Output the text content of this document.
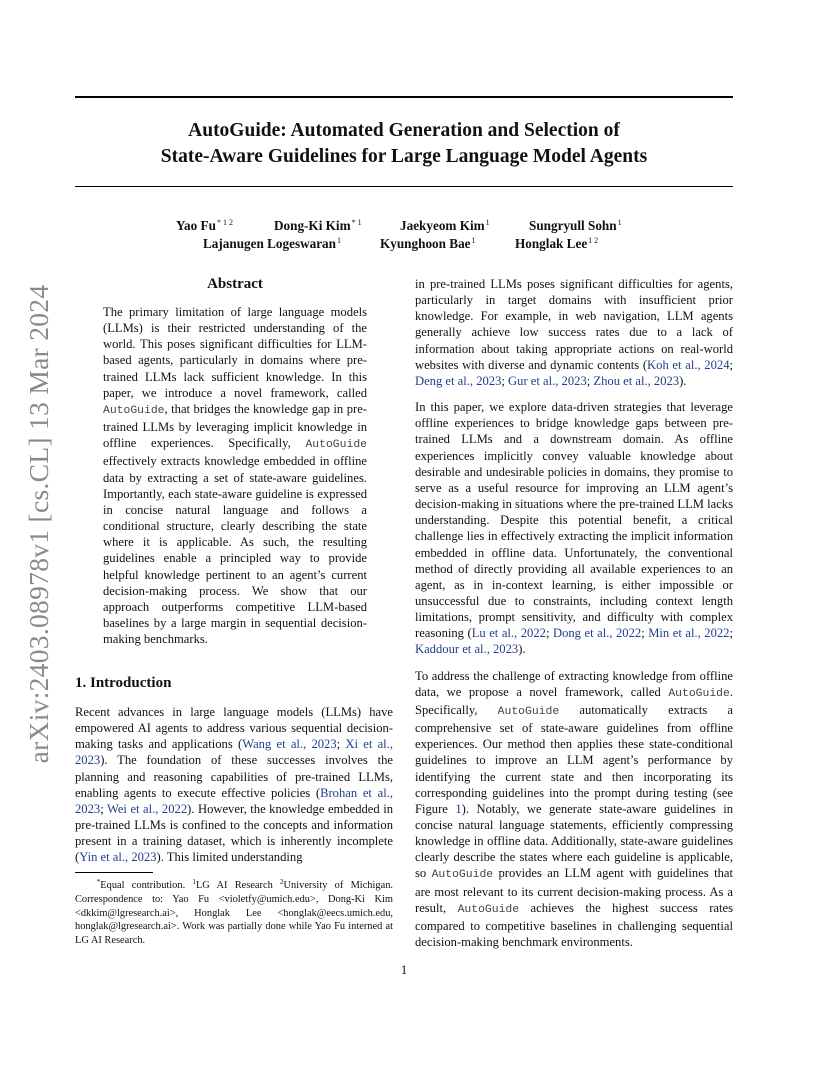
AutoGuide: Automated Generation and Selection of
State-Aware Guidelines for Large Language Model Agents
Yao $Fu^{* 1 2}$	Dong-Ki Kim$^{* 1}$	Jaekyeom Kim$^1$	Sungryull Sohn$^1$
Lajanugen Logeswaran$^1$	Kyunghoon Bae$^1$	Honglak Lee$^{1 2}$
arXiv:2403.08978v1 [cs.CL] 13 Mar 2024
Abstract

The primary limitation of large language models (LLMs) is their restricted understanding of the world. This poses significant difficulties for LLM-based agents, particularly in domains where pre-trained LLMs lack sufficient knowledge. In this paper, we introduce a novel framework, called AutoGuide, that bridges the knowledge gap in pre-trained LLMs by leveraging implicit knowledge in offline experiences. Specifically, AutoGuide effectively extracts knowledge embedded in offline data by extracting a set of state-aware guidelines. Importantly, each state-aware guideline is expressed in concise natural language and follows a conditional structure, clearly describing the state where it is applicable. As such, the resulting guidelines enable a principled way to provide helpful knowledge pertinent to an agent’s current decision-making process. We show that our approach outperforms competitive LLM-based baselines by a large margin in sequential decision-making benchmarks.

1. Introduction

Recent advances in large language models (LLMs) have empowered AI agents to address various sequential decision-making tasks and applications (Wang et al., 2023; Xi et al., 2023). The foundation of these successes involves the planning and reasoning capabilities of pre-trained LLMs, enabling agents to execute effective policies (Brohan et al., 2023; Wei et al., 2022). However, the knowledge embedded in pre-trained LLMs is confined to the concepts and information present in a training dataset, which is inherently incomplete (Yin et al., 2023). This limited understanding

*Equal contribution. $^1$LG AI Research $^2$University of Michigan. Correspondence to: Yao Fu <violetfy@umich.edu>, Dong-Ki Kim <dkkim@lgresearch.ai>, Honglak Lee <honglak@eecs.umich.edu, honglak@lgresearch.ai>. Work was partially done while Yao Fu interned at LG AI Research.

in pre-trained LLMs poses significant difficulties for agents, particularly in target domains with insufficient prior knowledge. For example, in web navigation, LLM agents generally achieve low success rates due to a lack of information about taking appropriate actions on real-world websites with diverse and dynamic contents (Koh et al., 2024; Deng et al., 2023; Gur et al., 2023; Zhou et al., 2023).

In this paper, we explore data-driven strategies that leverage offline experiences to bridge knowledge gaps between pre-trained LLMs and a downstream domain. As offline experiences implicitly convey valuable knowledge about desirable and undesirable policies in domains, they promise to serve as a useful resource for improving an LLM agent’s decision-making in situations where the pre-trained LLM lacks understanding. Despite this potential benefit, a critical challenge lies in effectively extracting the implicit information embedded in offline data. Unfortunately, the conventional method of directly providing all available experiences to an agent, as in in-context learning, is either impossible or unsuccessful due to constraints, including context length limitations, prompt sensitivity, and difficulty with complex reasoning (Lu et al., 2022; Dong et al., 2022; Min et al., 2022; Kaddour et al., 2023).

To address the challenge of extracting knowledge from offline data, we propose a novel framework, called AutoGuide. Specifically, AutoGuide automatically extracts a comprehensive set of state-aware guidelines from offline experiences. Our method then applies these state-conditional guidelines to improve an LLM agent’s performance by identifying the current state and then incorporating its corresponding guidelines into the prompt during testing (see Figure 1). Notably, we generate state-aware guidelines in concise natural language statements, efficiently compressing knowledge in offline data. Additionally, state-aware guidelines clearly describe the states where each guideline is applicable, so AutoGuide provides an LLM agent with guidelines that are most relevant to its current decision-making process. As a result, AutoGuide achieves the highest success rates compared to competitive baselines in challenging sequential decision-making benchmark environments.

1
